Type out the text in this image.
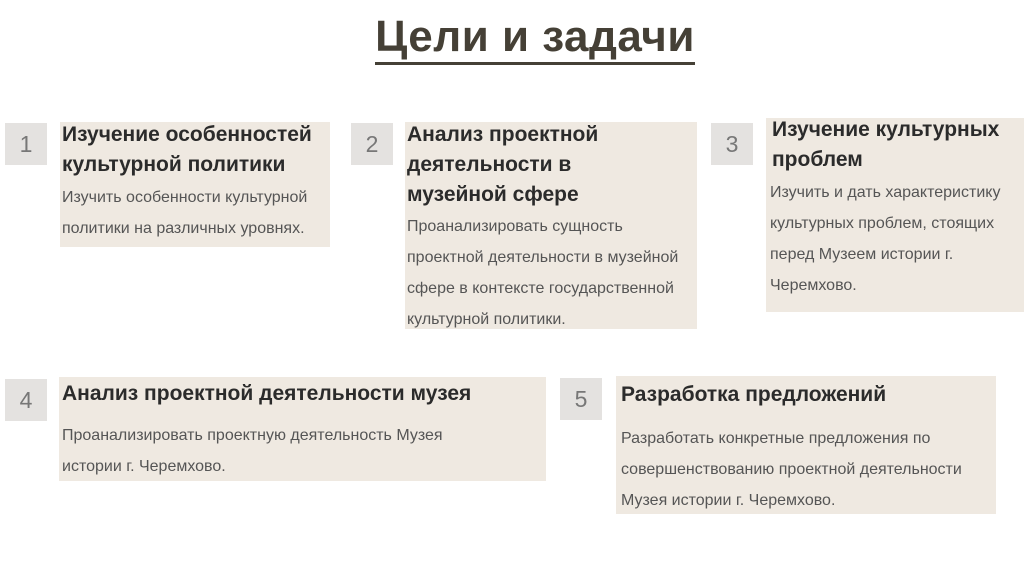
Цели и задачи
1 Изучение особенностей
культурной политики
Изучить особенности культурной
политики на различных уровнях.
2 Анализ проектной
деятельности в
музейной сфере
Проанализировать сущность
проектной деятельности в музейной
сфере в контексте государственной
культурной политики.
3
Изучение культурных
проблем
Изучить и дать характеристику
культурных проблем, стоящих
перед Музеем истории г.
Черемхово.
4 Анализ проектной деятельности музея
Проанализировать проектную деятельность Музея
истории г. Черемхово.
5 Разработка предложений
Разработать конкретные предложения по
совершенствованию проектной деятельности
Музея истории г. Черемхово.
